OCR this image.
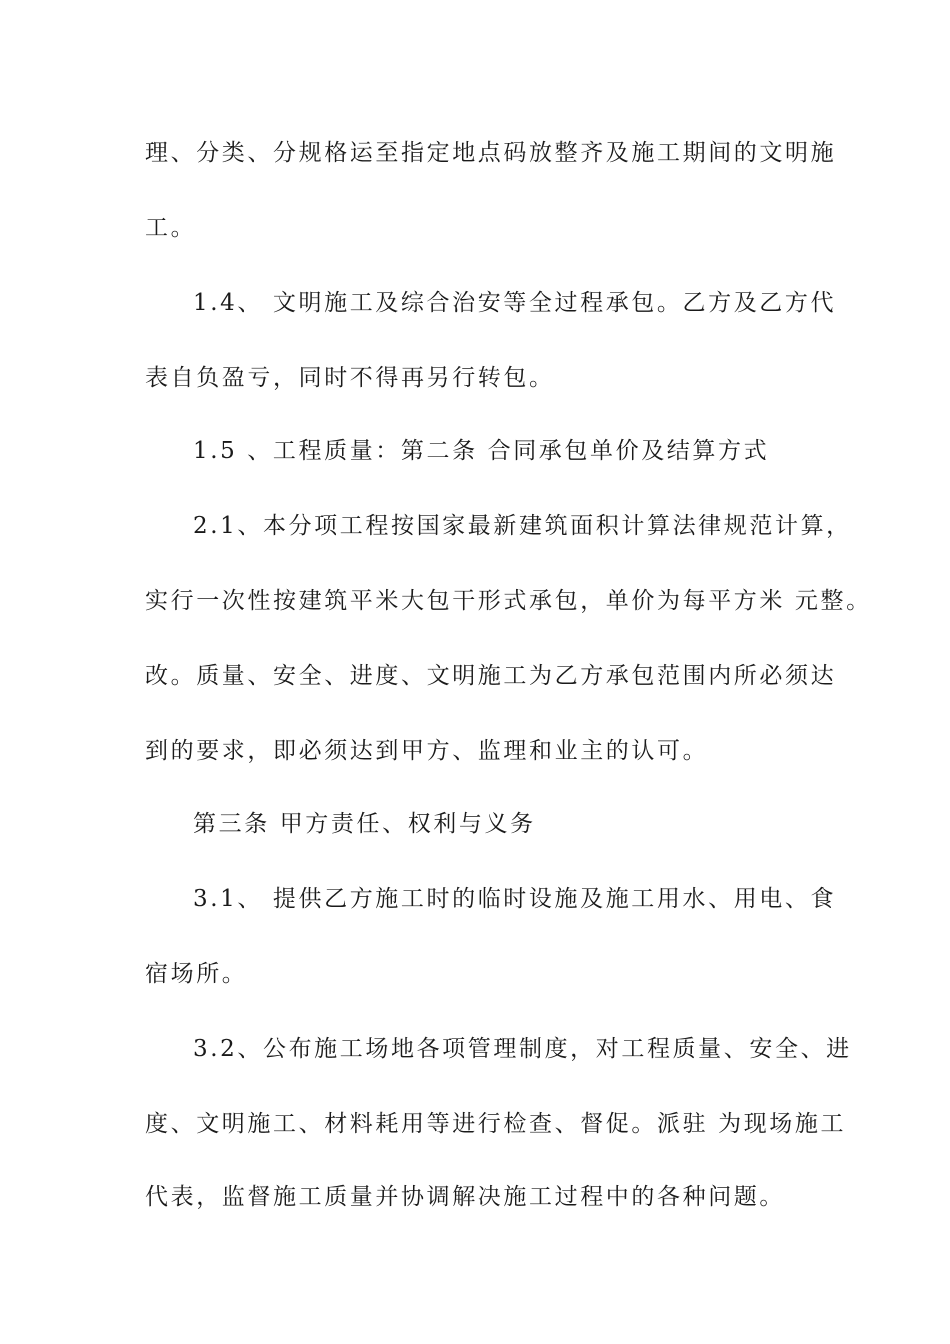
理、分类、分规格运至指定地点码放整齐及施工期间的文明施
工。
1.4、 文明施工及综合治安等全过程承包。乙方及乙方代
表自负盈亏，同时不得再另行转包。
1.5 、工程质量：第二条 合同承包单价及结算方式
2.1、本分项工程按国家最新建筑面积计算法律规范计算，
实行一次性按建筑平米大包干形式承包，单价为每平方米 元整。
改。质量、安全、进度、文明施工为乙方承包范围内所必须达
到的要求，即必须达到甲方、监理和业主的认可。
第三条 甲方责任、权利与义务
3.1、 提供乙方施工时的临时设施及施工用水、用电、食
宿场所。
3.2、公布施工场地各项管理制度，对工程质量、安全、进
度、文明施工、材料耗用等进行检查、督促。派驻 为现场施工
代表，监督施工质量并协调解决施工过程中的各种问题。
